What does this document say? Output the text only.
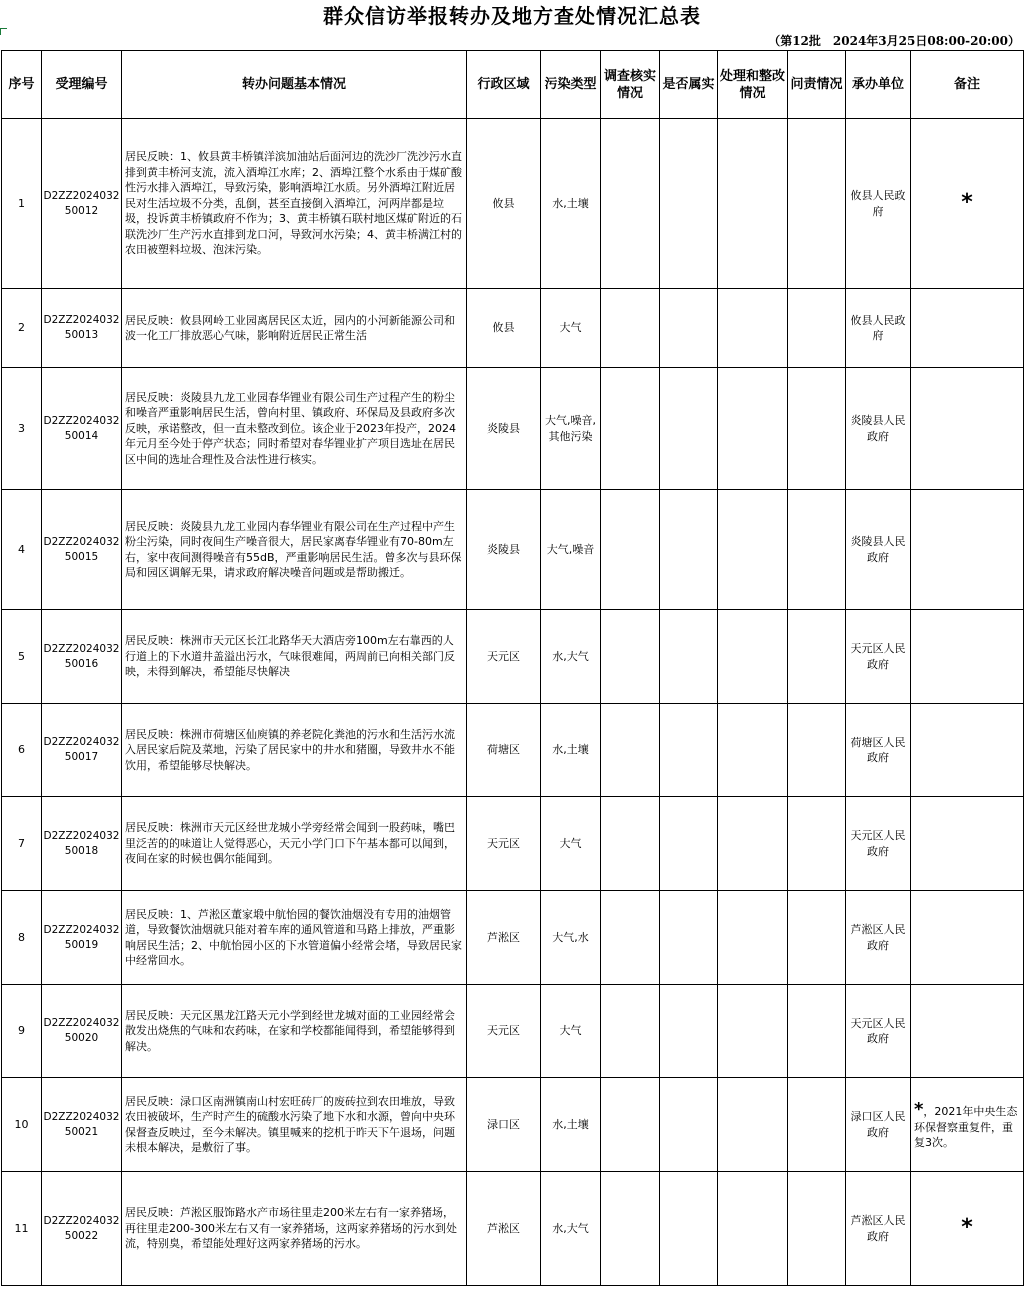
群众信访举报转办及地方查处情况汇总表
（第12批　2024年3月25日08:00-20:00）
序号	受理编号	转办问题基本情况	行政区域	污染类型	调查核实情况	是否属实	处理和整改情况	问责情况	承办单位	备注
1	D2ZZ202403250012	居民反映：1、攸县黄丰桥镇洋滨加油站后面河边的洗沙厂洗沙污水直排到黄丰桥河支流，流入酒埠江水库；2、酒埠江整个水系由于煤矿酸性污水排入酒埠江，导致污染，影响酒埠江水质。另外酒埠江附近居民对生活垃圾不分类，乱倒，甚至直接倒入酒埠江，河两岸都是垃圾，投诉黄丰桥镇政府不作为；3、黄丰桥镇石联村地区煤矿附近的石联洗沙厂生产污水直排到龙口河，导致河水污染；4、黄丰桥满江村的农田被塑料垃圾、泡沫污染。	攸县	水,土壤					攸县人民政府	*
2	D2ZZ202403250013	居民反映：攸县网岭工业园离居民区太近，园内的小河新能源公司和波一化工厂排放恶心气味，影响附近居民正常生活	攸县	大气					攸县人民政府	
3	D2ZZ202403250014	居民反映：炎陵县九龙工业园春华锂业有限公司生产过程产生的粉尘和噪音严重影响居民生活，曾向村里、镇政府、环保局及县政府多次反映，承诺整改，但一直未整改到位。该企业于2023年投产，2024年元月至今处于停产状态；同时希望对春华锂业扩产项目选址在居民区中间的选址合理性及合法性进行核实。	炎陵县	大气,噪音,其他污染					炎陵县人民政府	
4	D2ZZ202403250015	居民反映：炎陵县九龙工业园内春华锂业有限公司在生产过程中产生粉尘污染，同时夜间生产噪音很大，居民家离春华锂业有70-80m左右，家中夜间测得噪音有55dB，严重影响居民生活。曾多次与县环保局和园区调解无果，请求政府解决噪音问题或是帮助搬迁。	炎陵县	大气,噪音					炎陵县人民政府	
5	D2ZZ202403250016	居民反映：株洲市天元区长江北路华天大酒店旁100m左右靠西的人行道上的下水道井盖溢出污水，气味很难闻，两周前已向相关部门反映，未得到解决，希望能尽快解决	天元区	水,大气					天元区人民政府	
6	D2ZZ202403250017	居民反映：株洲市荷塘区仙庾镇的养老院化粪池的污水和生活污水流入居民家后院及菜地，污染了居民家中的井水和猪圈，导致井水不能饮用，希望能够尽快解决。	荷塘区	水,土壤					荷塘区人民政府	
7	D2ZZ202403250018	居民反映：株洲市天元区经世龙城小学旁经常会闻到一股药味，嘴巴里泛苦的的味道让人觉得恶心，天元小学门口下午基本都可以闻到，夜间在家的时候也偶尔能闻到。	天元区	大气					天元区人民政府	
8	D2ZZ202403250019	居民反映：1、芦淞区董家塅中航怡园的餐饮油烟没有专用的油烟管道，导致餐饮油烟就只能对着车库的通风管道和马路上排放，严重影响居民生活；2、中航怡园小区的下水管道偏小经常会堵，导致居民家中经常回水。	芦淞区	大气,水					芦淞区人民政府	
9	D2ZZ202403250020	居民反映：天元区黑龙江路天元小学到经世龙城对面的工业园经常会散发出烧焦的气味和农药味，在家和学校都能闻得到，希望能够得到解决。	天元区	大气					天元区人民政府	
10	D2ZZ202403250021	居民反映：渌口区南洲镇南山村宏旺砖厂的废砖拉到农田堆放，导致农田被破坏，生产时产生的硫酸水污染了地下水和水源，曾向中央环保督查反映过，至今未解决。镇里喊来的挖机于昨天下午退场，问题未根本解决，是敷衍了事。	渌口区	水,土壤					渌口区人民政府	*，2021年中央生态环保督察重复件，重复3次。
11	D2ZZ202403250022	居民反映：芦淞区服饰路水产市场往里走200米左右有一家养猪场，再往里走200-300米左右又有一家养猪场，这两家养猪场的污水到处流，特别臭，希望能处理好这两家养猪场的污水。	芦淞区	水,大气					芦淞区人民政府	*
